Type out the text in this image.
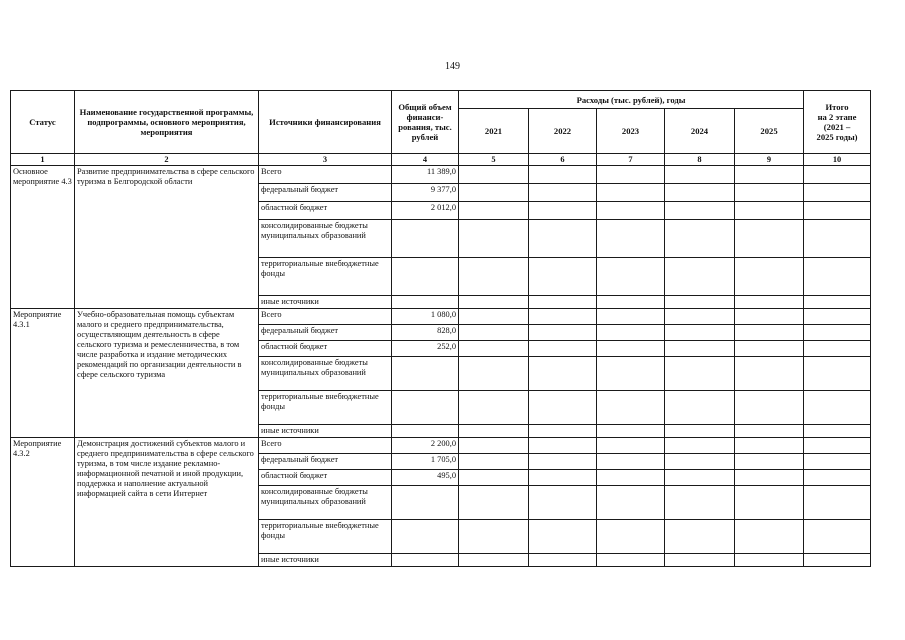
149
Статус	Наименование государственной программы, подпрограммы, основного мероприятия, мероприятия	Источники финансирования	Общий объем финанси-рования, тыс. рублей	Расходы (тыс. рублей), годы					Итого
на 2 этапе
(2021 –
2025 годы)
				2021	2022	2023	2024	2025	
1	2	3	4	5	6	7	8	9	10
Основное мероприятие 4.3	Развитие предпринимательства в сфере сельского туризма в Белгородской области	Всего	11 389,0						
		федеральный бюджет	9 377,0						
		областной бюджет	2 012,0						
		консолидированные бюджеты муниципальных образований							
		территориальные внебюджетные фонды							
		иные источники							
Мероприятие 4.3.1	Учебно-образовательная помощь субъектам малого и среднего предпринимательства, осуществляющим деятельность в сфере сельского туризма и ремесленничества, в том числе разработка и издание методических рекомендаций по организации деятельности в сфере сельского туризма	Всего	1 080,0						
		федеральный бюджет	828,0						
		областной бюджет	252,0						
		консолидированные бюджеты муниципальных образований							
		территориальные внебюджетные фонды							
		иные источники							
Мероприятие 4.3.2	Демонстрация достижений субъектов малого и среднего предпринимательства в сфере сельского туризма, в том числе издание рекламно-информационной печатной и иной продукции, поддержка и наполнение актуальной информацией сайта в сети Интернет	Всего	2 200,0						
		федеральный бюджет	1 705,0						
		областной бюджет	495,0						
		консолидированные бюджеты муниципальных образований							
		территориальные внебюджетные фонды							
		иные источники							
